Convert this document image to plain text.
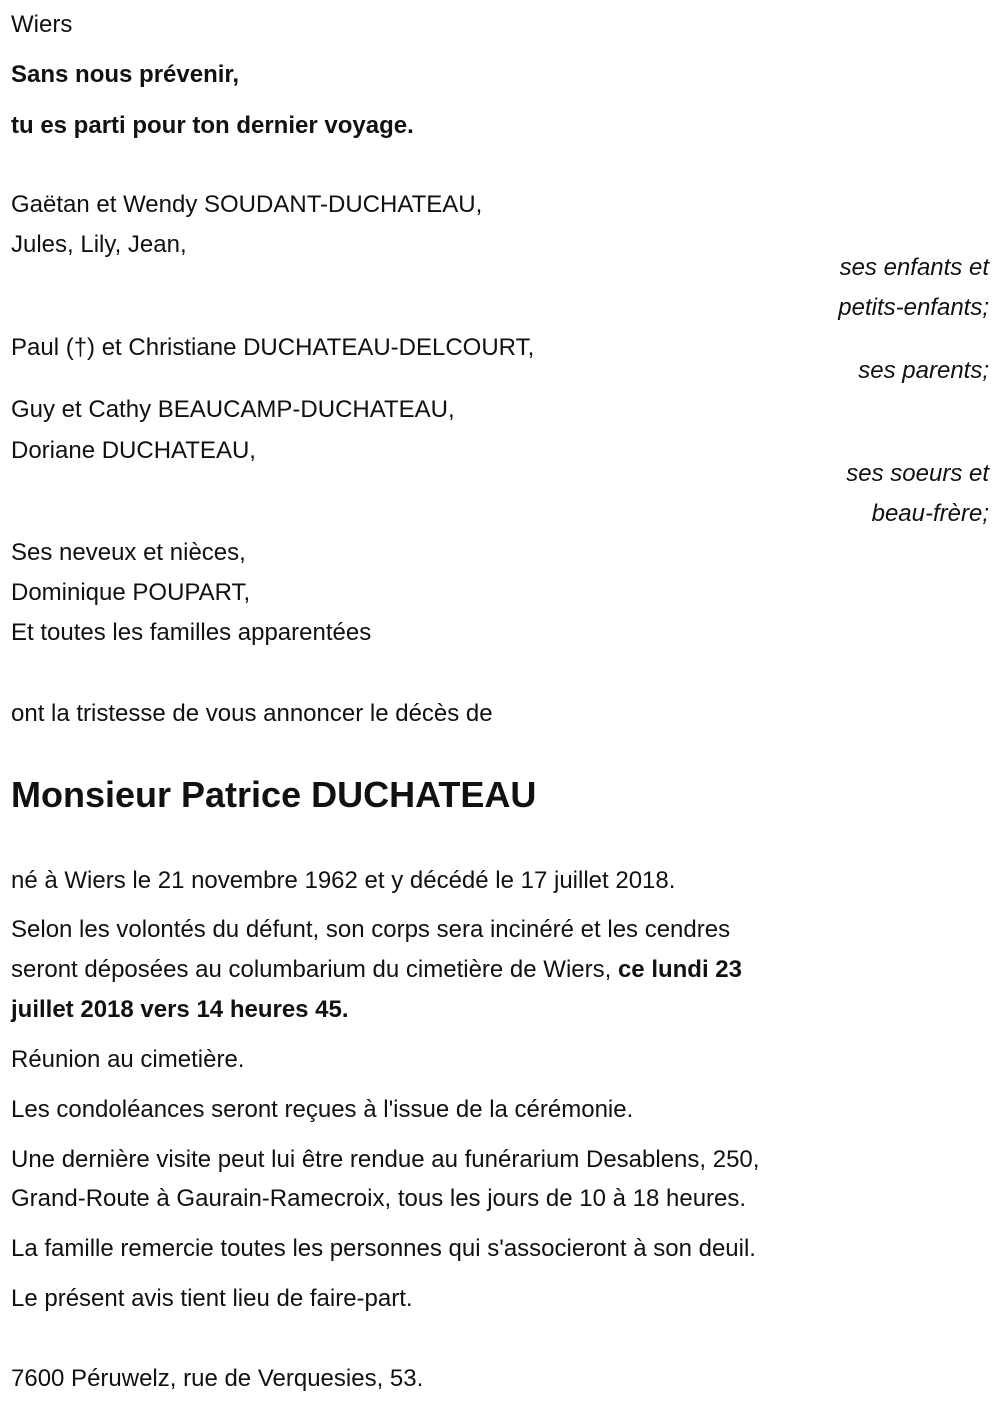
Wiers
Sans nous prévenir,
tu es parti pour ton dernier voyage.
Gaëtan et Wendy SOUDANT-DUCHATEAU,
Jules, Lily, Jean,
ses enfants et
petits-enfants;
Paul (†) et Christiane DUCHATEAU-DELCOURT,
ses parents;
Guy et Cathy BEAUCAMP-DUCHATEAU,
Doriane DUCHATEAU,
ses soeurs et
beau-frère;
Ses neveux et nièces,
Dominique POUPART,
Et toutes les familles apparentées
ont la tristesse de vous annoncer le décès de
Monsieur Patrice DUCHATEAU
né à Wiers le 21 novembre 1962 et y décédé le 17 juillet 2018.
Selon les volontés du défunt, son corps sera incinéré et les cendres
seront déposées au columbarium du cimetière de Wiers, ce lundi 23
juillet 2018 vers 14 heures 45.
Réunion au cimetière.
Les condoléances seront reçues à l'issue de la cérémonie.
Une dernière visite peut lui être rendue au funérarium Desablens, 250,
Grand-Route à Gaurain-Ramecroix, tous les jours de 10 à 18 heures.
La famille remercie toutes les personnes qui s'associeront à son deuil.
Le présent avis tient lieu de faire-part.
7600 Péruwelz, rue de Verquesies, 53.
